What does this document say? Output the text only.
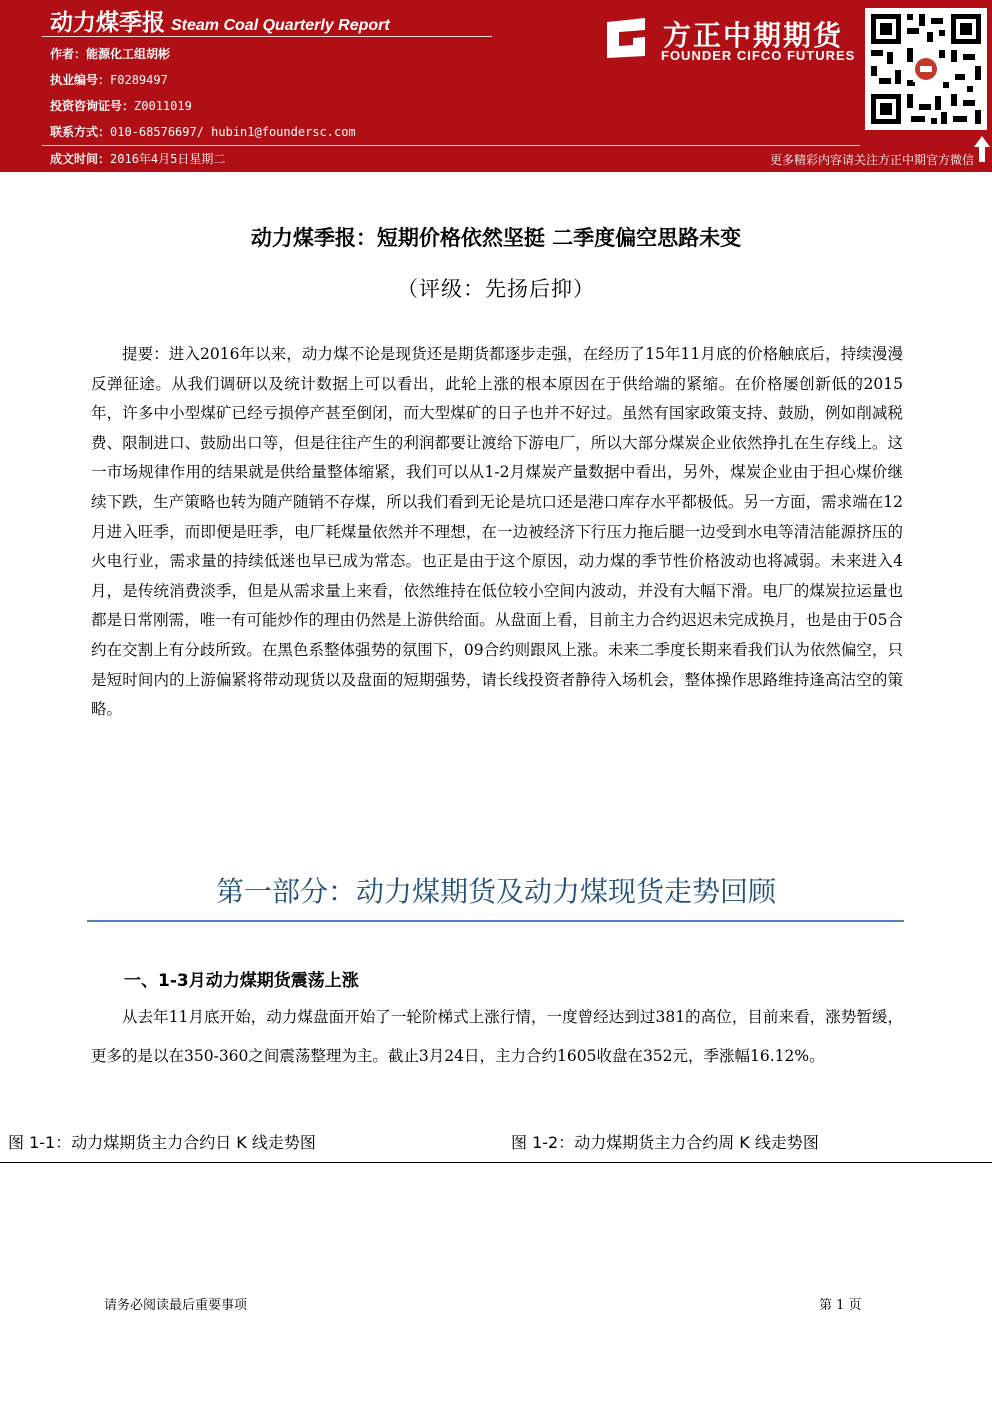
动力煤季报 Steam Coal Quarterly Report
作者：能源化工组胡彬
执业编号：F0289497
投资咨询证号：Z0011019
联系方式：010-68576697/ hubin1@foundersc.com
成文时间：2016年4月5日星期二
方正中期期货
FOUNDER CIFCO FUTURES
更多精彩内容请关注方正中期官方微信
动力煤季报：短期价格依然坚挺 二季度偏空思路未变
（评级：先扬后抑）

提要：进入2016年以来，动力煤不论是现货还是期货都逐步走强，在经历了15年11月底的价格触底后，持续漫漫反弹征途。从我们调研以及统计数据上可以看出，此轮上涨的根本原因在于供给端的紧缩。在价格屡创新低的2015年，许多中小型煤矿已经亏损停产甚至倒闭，而大型煤矿的日子也并不好过。虽然有国家政策支持、鼓励，例如削减税费、限制进口、鼓励出口等，但是往往产生的利润都要让渡给下游电厂，所以大部分煤炭企业依然挣扎在生存线上。这一市场规律作用的结果就是供给量整体缩紧，我们可以从1-2月煤炭产量数据中看出，另外，煤炭企业由于担心煤价继续下跌，生产策略也转为随产随销不存煤，所以我们看到无论是坑口还是港口库存水平都极低。另一方面，需求端在12月进入旺季，而即便是旺季，电厂耗煤量依然并不理想，在一边被经济下行压力拖后腿一边受到水电等清洁能源挤压的火电行业，需求量的持续低迷也早已成为常态。也正是由于这个原因，动力煤的季节性价格波动也将减弱。未来进入4月，是传统消费淡季，但是从需求量上来看，依然维持在低位较小空间内波动，并没有大幅下滑。电厂的煤炭拉运量也都是日常刚需，唯一有可能炒作的理由仍然是上游供给面。从盘面上看，目前主力合约迟迟未完成换月，也是由于05合约在交割上有分歧所致。在黑色系整体强势的氛围下，09合约则跟风上涨。未来二季度长期来看我们认为依然偏空，只是短时间内的上游偏紧将带动现货以及盘面的短期强势，请长线投资者静待入场机会，整体操作思路维持逢高沽空的策略。

第一部分：动力煤期货及动力煤现货走势回顾
一、1-3月动力煤期货震荡上涨

从去年11月底开始，动力煤盘面开始了一轮阶梯式上涨行情，一度曾经达到过381的高位，目前来看，涨势暂缓，更多的是以在350-360之间震荡整理为主。截止3月24日，主力合约1605收盘在352元，季涨幅16.12%。

图 1-1：动力煤期货主力合约日 K 线走势图	图 1-2：动力煤期货主力合约周 K 线走势图
请务必阅读最后重要事项	第 1 页
